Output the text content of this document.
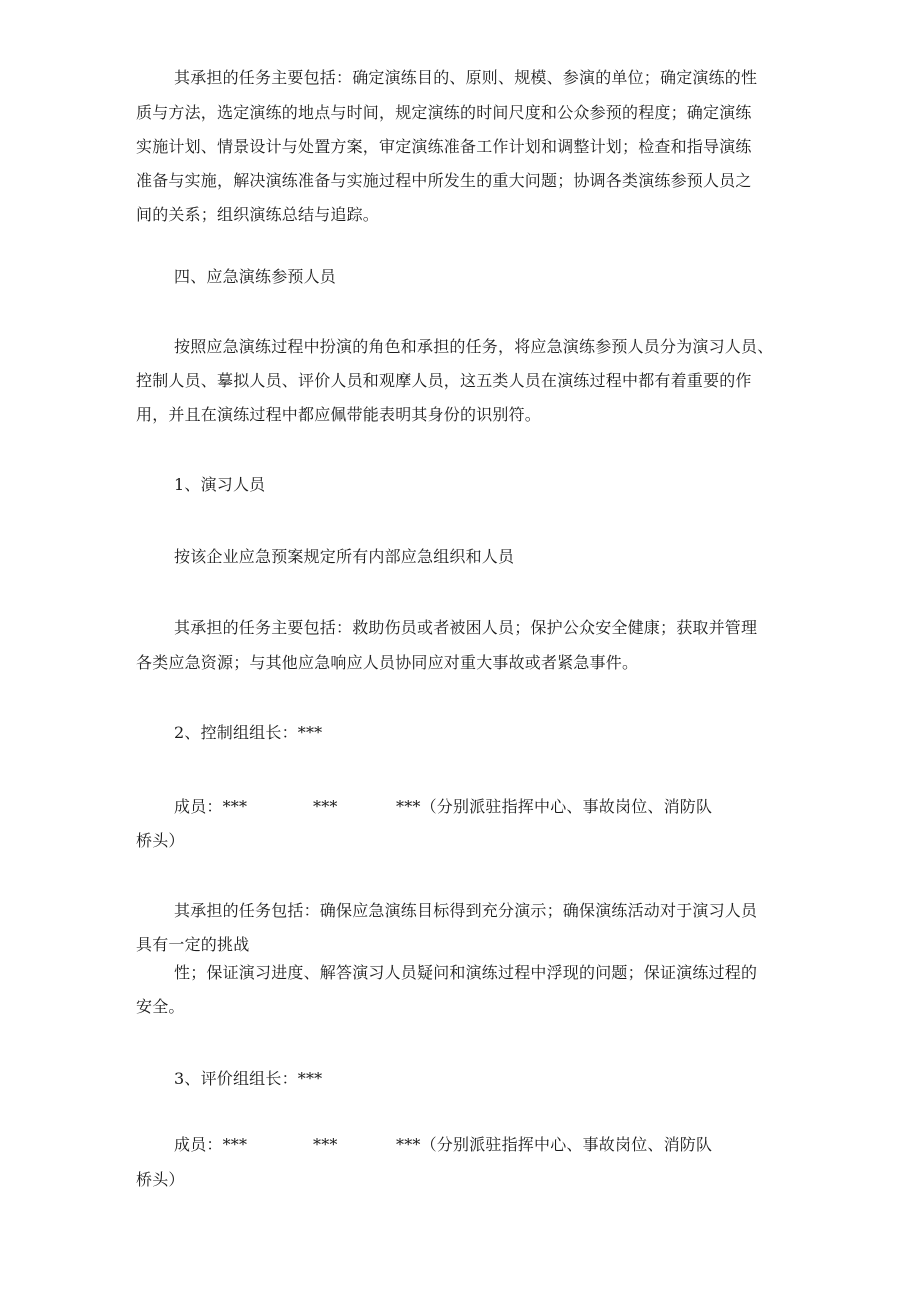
其承担的任务主要包括：确定演练目的、原则、规模、参演的单位；确定演练的性
质与方法，选定演练的地点与时间，规定演练的时间尺度和公众参预的程度；确定演练
实施计划、情景设计与处置方案，审定演练准备工作计划和调整计划；检查和指导演练
准备与实施，解决演练准备与实施过程中所发生的重大问题；协调各类演练参预人员之
间的关系；组织演练总结与追踪。
四、应急演练参预人员
按照应急演练过程中扮演的角色和承担的任务，将应急演练参预人员分为演习人员、
控制人员、摹拟人员、评价人员和观摩人员，这五类人员在演练过程中都有着重要的作
用，并且在演练过程中都应佩带能表明其身份的识别符。
1、演习人员
按该企业应急预案规定所有内部应急组织和人员
其承担的任务主要包括：救助伤员或者被困人员；保护公众安全健康；获取并管理
各类应急资源；与其他应急响应人员协同应对重大事故或者紧急事件。
2、控制组组长：***
成员：***	***	***（分别派驻指挥中心、事故岗位、消防队
桥头）
其承担的任务包括：确保应急演练目标得到充分演示；确保演练活动对于演习人员
具有一定的挑战
性；保证演习进度、解答演习人员疑问和演练过程中浮现的问题；保证演练过程的
安全。
3、评价组组长：***
成员：***	***	***（分别派驻指挥中心、事故岗位、消防队
桥头）
